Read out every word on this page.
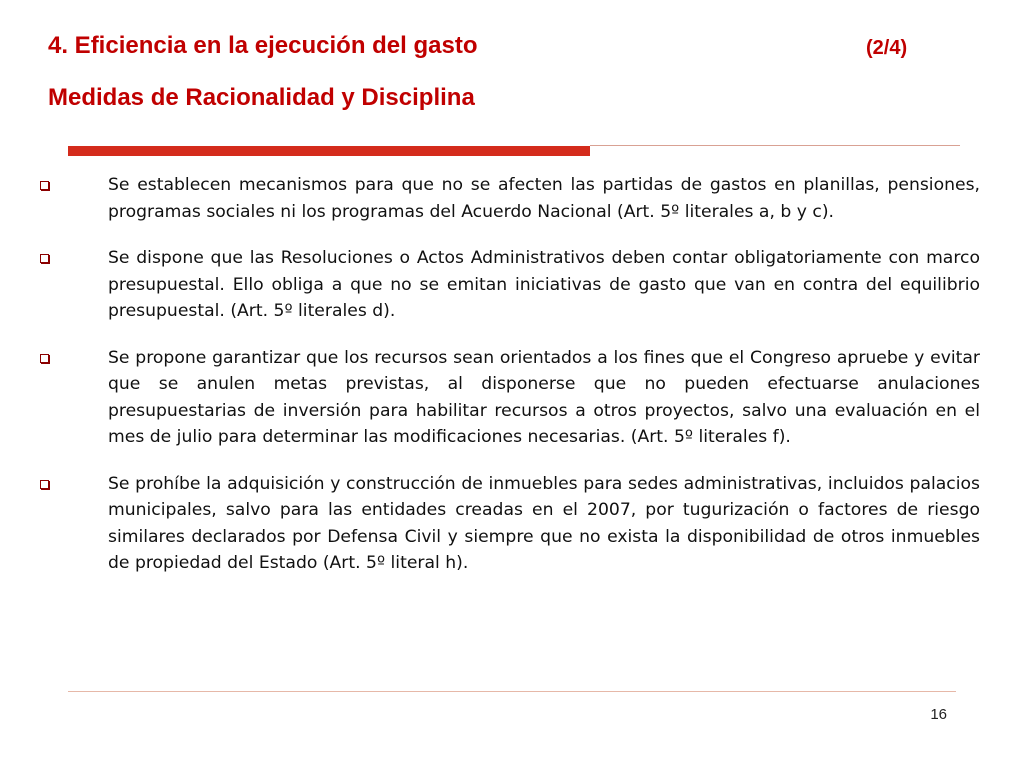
4. Eficiencia en la ejecución del gasto	(2/4)
Medidas de Racionalidad y Disciplina
Se establecen mecanismos para que no se afecten las partidas de gastos en planillas, pensiones, programas sociales ni los programas del Acuerdo Nacional (Art. 5º literales a, b y c).
Se dispone que las Resoluciones o Actos Administrativos deben contar obligatoriamente con marco presupuestal. Ello obliga a que no se emitan iniciativas de gasto que van en contra del equilibrio presupuestal. (Art. 5º literales d).
Se propone garantizar que los recursos sean orientados a los fines que el Congreso apruebe y evitar que se anulen metas previstas, al disponerse que no pueden efectuarse anulaciones presupuestarias de inversión para habilitar recursos a otros proyectos, salvo una evaluación en el mes de julio para determinar las modificaciones necesarias. (Art. 5º literales f).
Se prohíbe la adquisición y construcción de inmuebles para sedes administrativas, incluidos palacios municipales, salvo para las entidades creadas en el 2007, por tugurización o factores de riesgo similares declarados por Defensa Civil y siempre que no exista la disponibilidad de otros inmuebles de propiedad del Estado (Art. 5º literal h).
16
